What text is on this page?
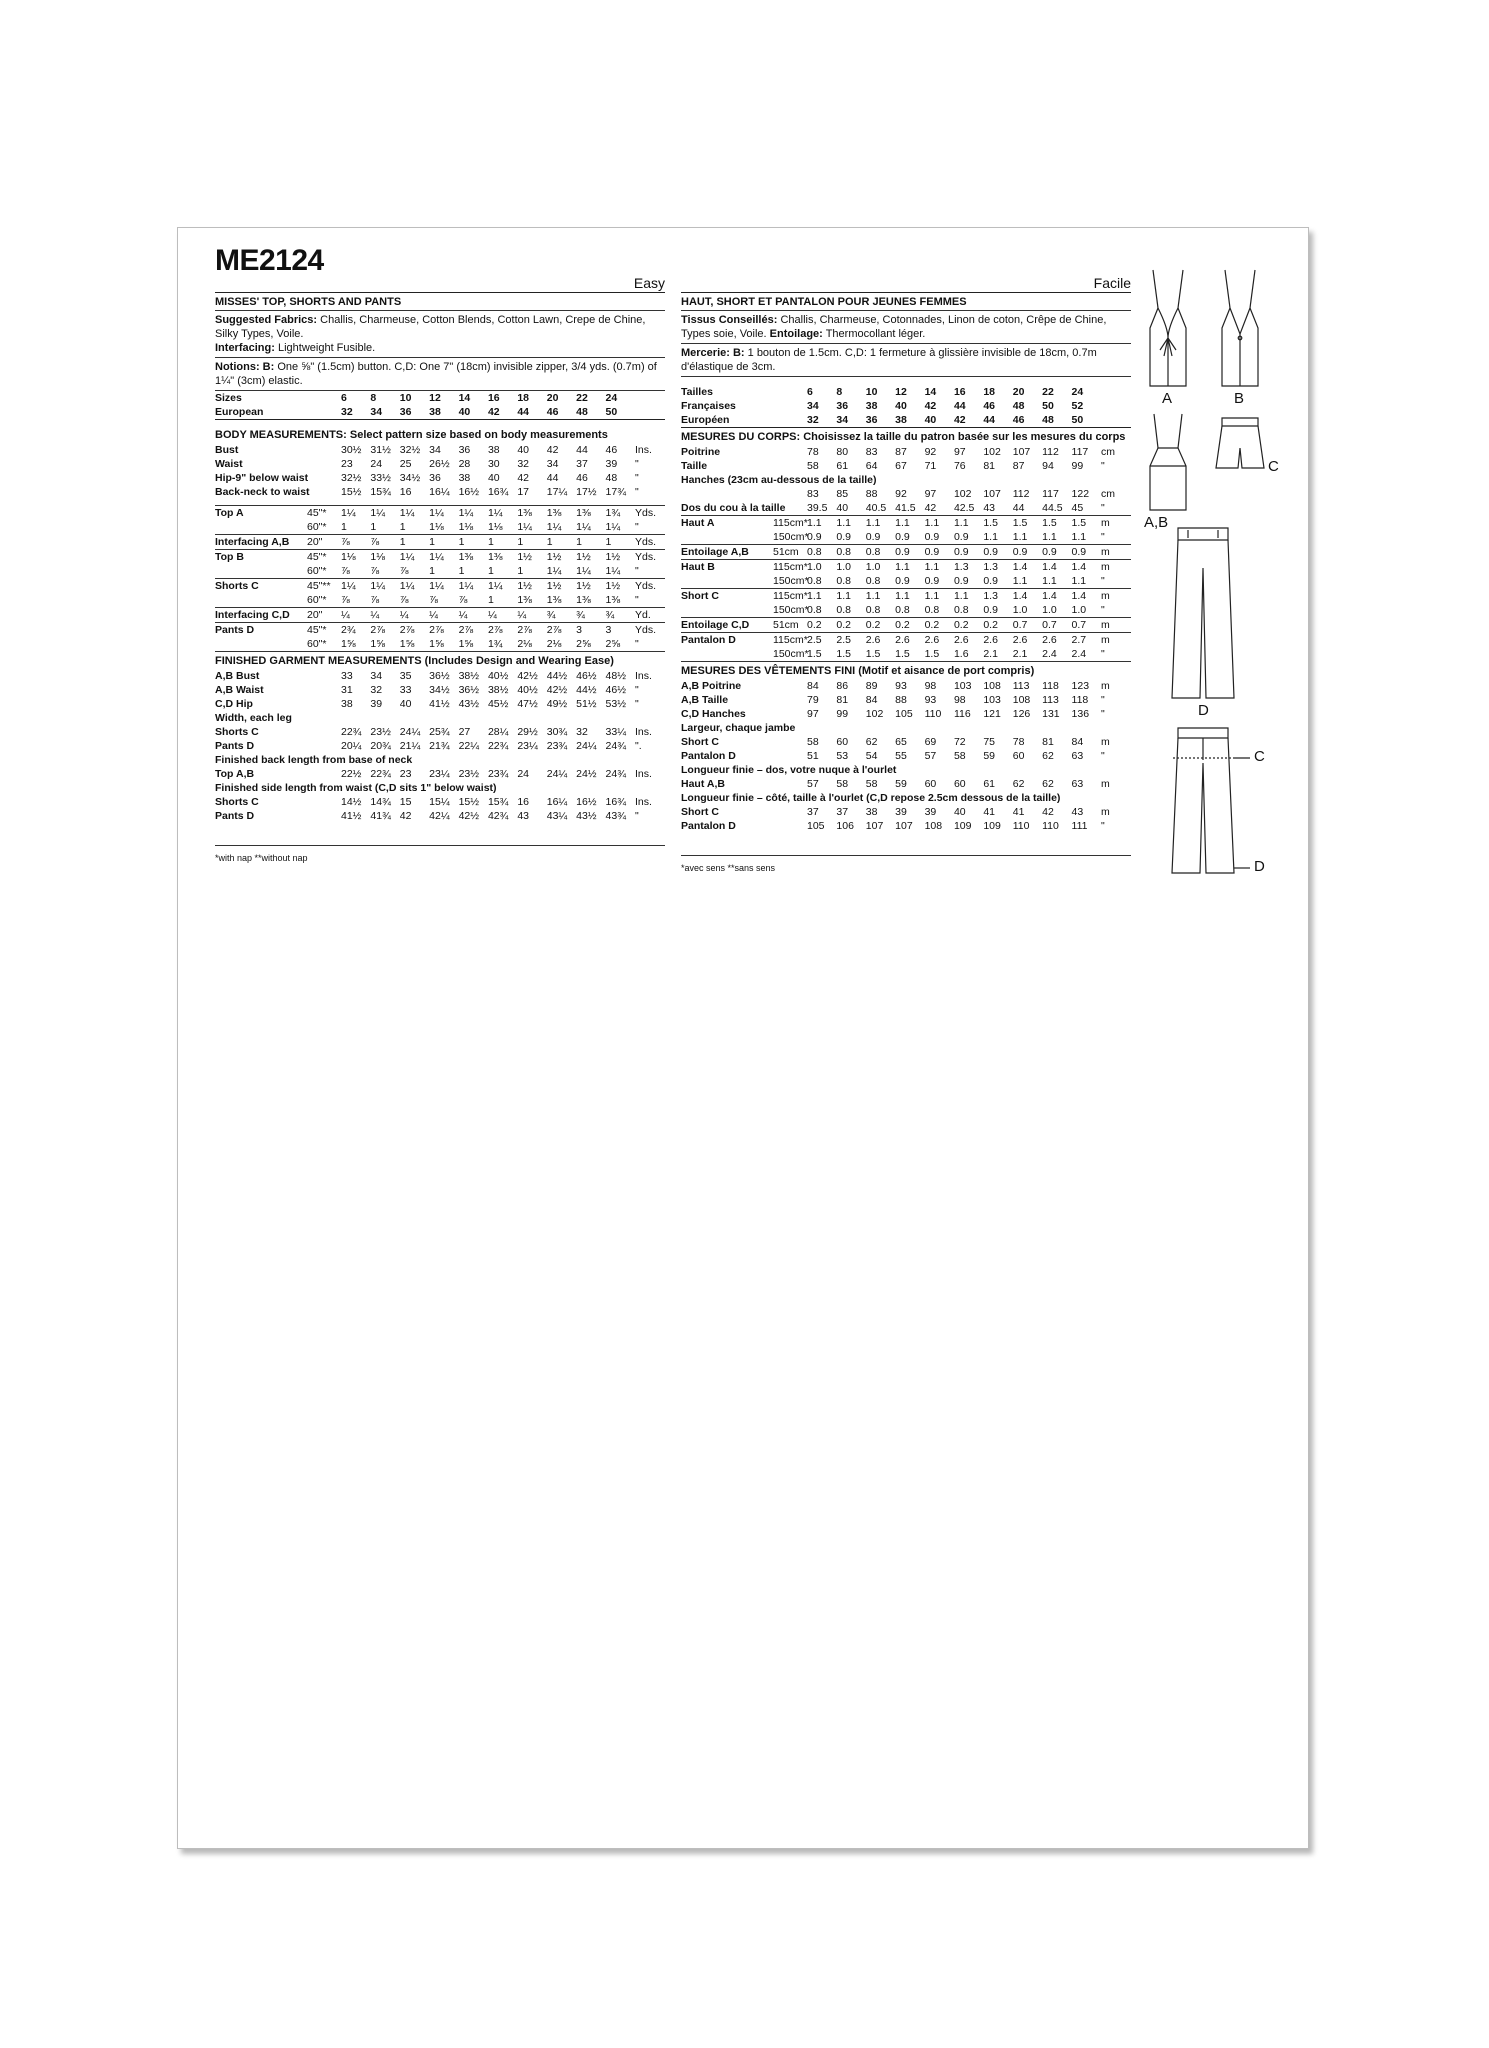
ME2124
Easy
MISSES' TOP, SHORTS AND PANTS
Suggested Fabrics: Challis, Charmeuse, Cotton Blends, Cotton Lawn, Crepe de Chine, Silky Types, Voile.
Interfacing: Lightweight Fusible.
Notions: B: One ⅝" (1.5cm) button. C,D: One 7" (18cm) invisible zipper, 3/4 yds. (0.7m) of 1¼" (3cm) elastic.
Sizes		6	8	10	12	14	16	18	20	22	24	
European		32	34	36	38	40	42	44	46	48	50	
BODY MEASUREMENTS: Select pattern size based on body measurements
Bust		30½	31½	32½	34	36	38	40	42	44	46	Ins.
Waist		23	24	25	26½	28	30	32	34	37	39	"
Hip-9" below waist		32½	33½	34½	36	38	40	42	44	46	48	"
Back-neck to waist		15½	15¾	16	16¼	16½	16¾	17	17¼	17½	17¾	"
Top A	45"*	1¼	1¼	1¼	1¼	1¼	1¼	1⅜	1⅜	1⅜	1¾	Yds.
	60"*	1	1	1	1⅛	1⅛	1⅛	1¼	1¼	1¼	1¼	"
Interfacing A,B	20"	⅞	⅞	1	1	1	1	1	1	1	1	Yds.
Top B	45"*	1⅛	1⅛	1¼	1¼	1⅜	1⅜	1½	1½	1½	1½	Yds.
	60"*	⅞	⅞	⅞	1	1	1	1	1¼	1¼	1¼	"
Shorts C	45"**	1¼	1¼	1¼	1¼	1¼	1¼	1½	1½	1½	1½	Yds.
	60"*	⅞	⅞	⅞	⅞	⅞	1	1⅜	1⅜	1⅜	1⅜	"
Interfacing C,D	20"	¼	¼	¼	¼	¼	¼	¼	¾	¾	¾	Yd.
Pants D	45"*	2¾	2⅞	2⅞	2⅞	2⅞	2⅞	2⅞	2⅞	3	3	Yds.
	60"*	1⅝	1⅝	1⅝	1⅝	1⅝	1¾	2⅛	2⅛	2⅝	2⅝	"
FINISHED GARMENT MEASUREMENTS (Includes Design and Wearing Ease)
A,B Bust		33	34	35	36½	38½	40½	42½	44½	46½	48½	Ins.
A,B Waist		31	32	33	34½	36½	38½	40½	42½	44½	46½	"
C,D Hip		38	39	40	41½	43½	45½	47½	49½	51½	53½	"
Width, each leg												
Shorts C		22¾	23½	24¼	25¾	27	28¼	29½	30¾	32	33¼	Ins.
Pants D		20¼	20¾	21¼	21¾	22¼	22¾	23¼	23¾	24¼	24¾	".
Finished back length from base of neck												
Top A,B		22½	22¾	23	23¼	23½	23¾	24	24¼	24½	24¾	Ins.
Finished side length from waist (C,D sits 1" below waist)												
Shorts C		14½	14¾	15	15¼	15½	15¾	16	16¼	16½	16¾	Ins.
Pants D		41½	41¾	42	42¼	42½	42¾	43	43¼	43½	43¾	"
*with nap **without nap
Facile
HAUT, SHORT ET PANTALON POUR JEUNES FEMMES
Tissus Conseillés: Challis, Charmeuse, Cotonnades, Linon de coton, Crêpe de Chine, Types soie, Voile. Entoilage: Thermocollant léger.
Mercerie: B: 1 bouton de 1.5cm. C,D: 1 fermeture à glissière invisible de 18cm, 0.7m d'élastique de 3cm.
Tailles		6	8	10	12	14	16	18	20	22	24	
Françaises		34	36	38	40	42	44	46	48	50	52	
Européen		32	34	36	38	40	42	44	46	48	50	
MESURES DU CORPS: Choisissez la taille du patron basée sur les mesures du corps
Poitrine		78	80	83	87	92	97	102	107	112	117	cm
Taille		58	61	64	67	71	76	81	87	94	99	"
Hanches (23cm au-dessous de la taille)												
		83	85	88	92	97	102	107	112	117	122	cm
Dos du cou à la taille		39.5	40	40.5	41.5	42	42.5	43	44	44.5	45	"
Haut A	115cm*	1.1	1.1	1.1	1.1	1.1	1.1	1.5	1.5	1.5	1.5	m
	150cm*	0.9	0.9	0.9	0.9	0.9	0.9	1.1	1.1	1.1	1.1	"
Entoilage A,B	51cm	0.8	0.8	0.8	0.9	0.9	0.9	0.9	0.9	0.9	0.9	m
Haut B	115cm*	1.0	1.0	1.0	1.1	1.1	1.3	1.3	1.4	1.4	1.4	m
	150cm*	0.8	0.8	0.8	0.9	0.9	0.9	0.9	1.1	1.1	1.1	"
Short C	115cm*	1.1	1.1	1.1	1.1	1.1	1.1	1.3	1.4	1.4	1.4	m
	150cm*	0.8	0.8	0.8	0.8	0.8	0.8	0.9	1.0	1.0	1.0	"
Entoilage C,D	51cm	0.2	0.2	0.2	0.2	0.2	0.2	0.2	0.7	0.7	0.7	m
Pantalon D	115cm*	2.5	2.5	2.6	2.6	2.6	2.6	2.6	2.6	2.6	2.7	m
	150cm*	1.5	1.5	1.5	1.5	1.5	1.6	2.1	2.1	2.4	2.4	"
MESURES DES VÊTEMENTS FINI (Motif et aisance de port compris)
A,B Poitrine		84	86	89	93	98	103	108	113	118	123	m
A,B Taille		79	81	84	88	93	98	103	108	113	118	"
C,D Hanches		97	99	102	105	110	116	121	126	131	136	"
Largeur, chaque jambe												
Short C		58	60	62	65	69	72	75	78	81	84	m
Pantalon D		51	53	54	55	57	58	59	60	62	63	"
Longueur finie – dos, votre nuque à l'ourlet												
Haut A,B		57	58	58	59	60	60	61	62	62	63	m
Longueur finie – côté, taille à l'ourlet (C,D repose 2.5cm dessous de la taille)												
Short C		37	37	38	39	39	40	41	41	42	43	m
Pantalon D		105	106	107	107	108	109	109	110	110	111	"
*avec sens **sans sens
A	B
A,B
C
D
C
D
